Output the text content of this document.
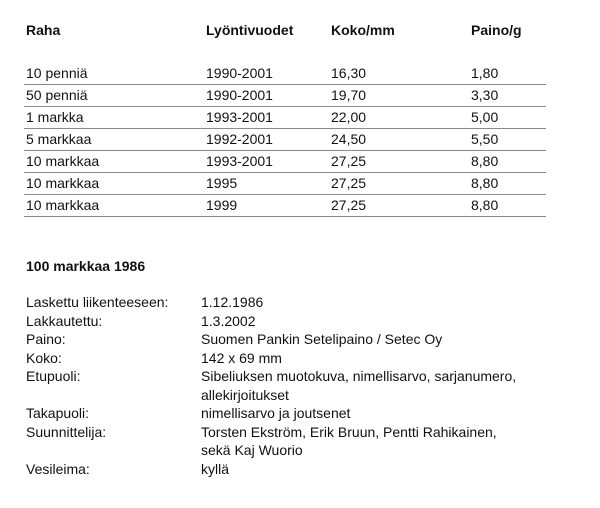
Raha	Lyöntivuodet	Koko/mm	Paino/g
10 penniä	1990-2001	16,30	1,80
50 penniä	1990-2001	19,70	3,30
1 markka	1993-2001	22,00	5,00
5 markkaa	1992-2001	24,50	5,50
10 markkaa	1993-2001	27,25	8,80
10 markkaa	1995	27,25	8,80
10 markkaa	1999	27,25	8,80
100 markkaa 1986
Laskettu liikenteeseen:	1.12.1986
Lakkautettu:	1.3.2002
Paino:	Suomen Pankin Setelipaino / Setec Oy
Koko:	142 x 69 mm
Etupuoli:	Sibeliuksen muotokuva, nimellisarvo, sarjanumero,
allekirjoitukset
Takapuoli:	nimellisarvo ja joutsenet
Suunnittelija:	Torsten Ekström, Erik Bruun, Pentti Rahikainen,
sekä Kaj Wuorio
Vesileima:	kyllä
